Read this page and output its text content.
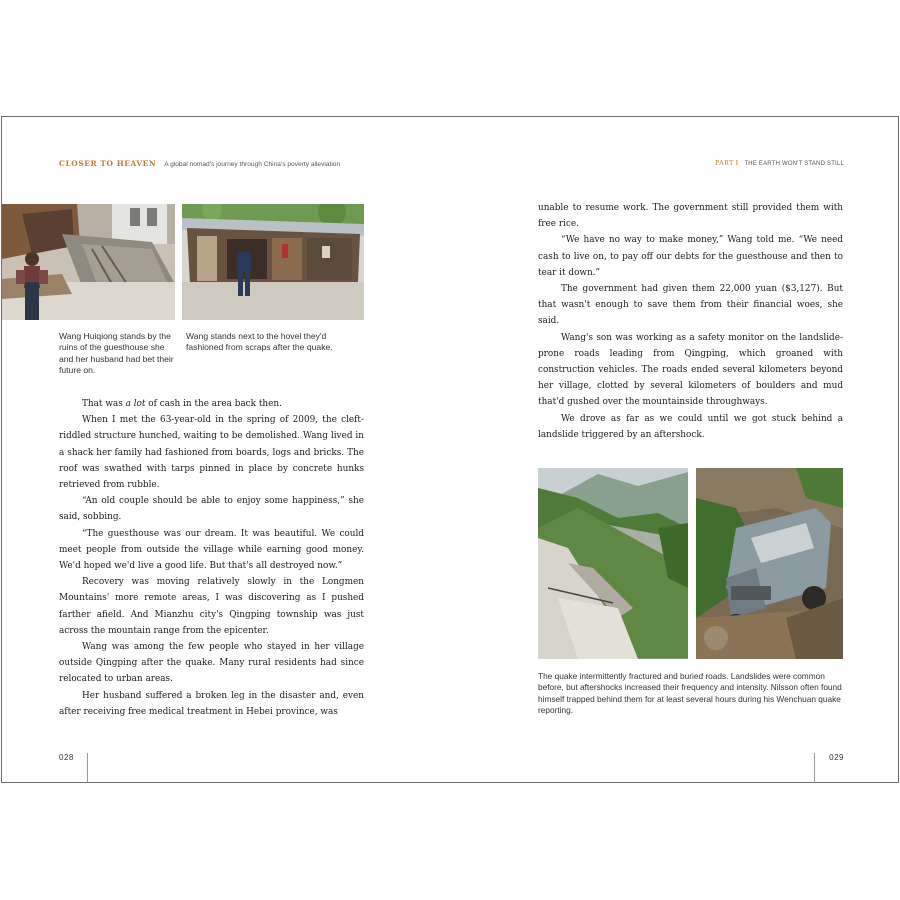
CLOSER TO HEAVEN A global nomad's journey through China's poverty alleviation
Wang Huiqiong stands by the ruins of the guesthouse she and her husband had bet their future on.
Wang stands next to the hovel they'd fashioned from scraps after the quake.

That was a lot of cash in the area back then.

When I met the 63-year-old in the spring of 2009, the cleft-riddled structure hunched, waiting to be demolished. Wang lived in a shack her family had fashioned from boards, logs and bricks. The roof was swathed with tarps pinned in place by concrete hunks retrieved from rubble.

“An old couple should be able to enjoy some happiness,” she said, sobbing.

“The guesthouse was our dream. It was beautiful. We could meet people from outside the village while earning good money. We'd hoped we'd live a good life. But that's all destroyed now.”

Recovery was moving relatively slowly in the Longmen Mountains' more remote areas, I was discovering as I pushed farther afield. And Mianzhu city's Qingping township was just across the mountain range from the epicenter.

Wang was among the few people who stayed in her village outside Qingping after the quake. Many rural residents had since relocated to urban areas.

Her husband suffered a broken leg in the disaster and, even after receiving free medical treatment in Hebei province, was

028
PART I THE EARTH WON'T STAND STILL

unable to resume work. The government still provided them with free rice.

“We have no way to make money,” Wang told me. “We need cash to live on, to pay off our debts for the guesthouse and then to tear it down.”

The government had given them 22,000 yuan ($3,127). But that wasn't enough to save them from their financial woes, she said.

Wang's son was working as a safety monitor on the landslide-prone roads leading from Qingping, which groaned with construction vehicles. The roads ended several kilometers beyond her village, clotted by several kilometers of boulders and mud that'd gushed over the mountainside throughways.

We drove as far as we could until we got stuck behind a landslide triggered by an aftershock.

The quake intermittently fractured and buried roads. Landslides were common before, but aftershocks increased their frequency and intensity. Nilsson often found himself trapped behind them for at least several hours during his Wenchuan quake reporting.
029
